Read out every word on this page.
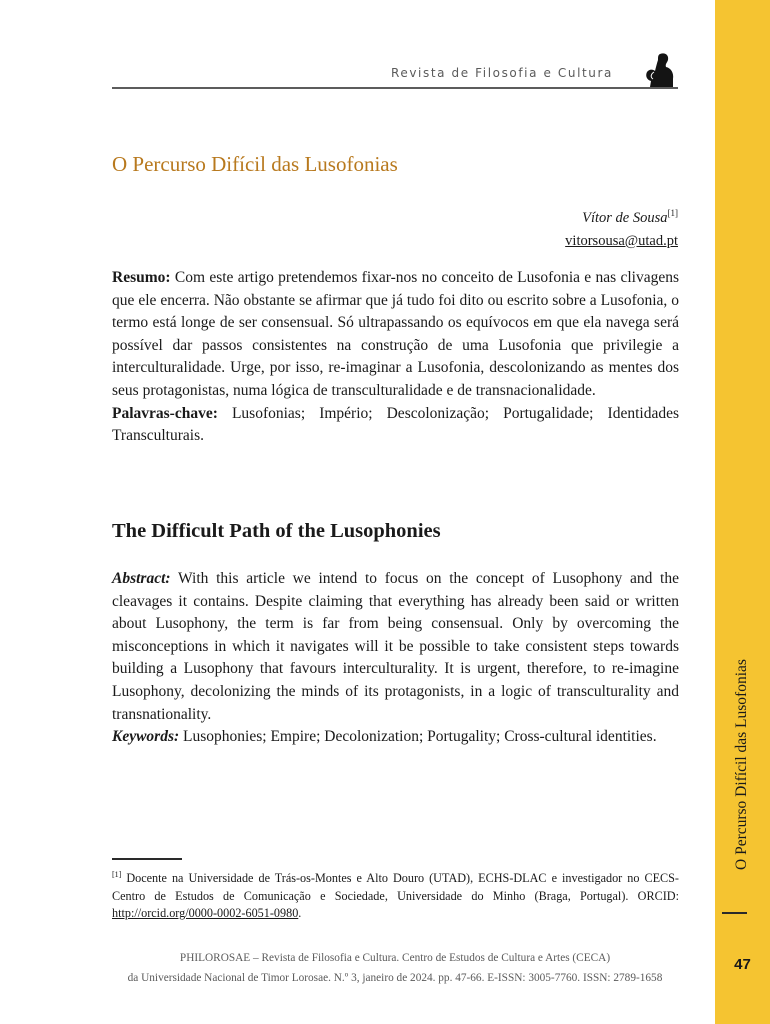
Revista de Filosofia e Cultura
O Percurso Difícil das Lusofonias
Vítor de Sousa[1]
vitorsousa@utad.pt

Resumo: Com este artigo pretendemos fixar-nos no conceito de Lusofonia e nas clivagens que ele encerra. Não obstante se afirmar que já tudo foi dito ou escrito sobre a Lusofonia, o termo está longe de ser consensual. Só ultrapassando os equívocos em que ela navega será possível dar passos consistentes na construção de uma Lusofonia que privilegie a interculturalidade. Urge, por isso, re-imaginar a Lusofonia, descolonizando as mentes dos seus protagonistas, numa lógica de transculturalidade e de transnacionalidade.
Palavras-chave: Lusofonias; Império; Descolonização; Portugalidade; Identidades Transculturais.

The Difficult Path of the Lusophonies

Abstract: With this article we intend to focus on the concept of Lusophony and the cleavages it contains. Despite claiming that everything has already been said or written about Lusophony, the term is far from being consensual. Only by overcoming the misconceptions in which it navigates will it be possible to take consistent steps towards building a Lusophony that favours interculturality. It is urgent, therefore, to re-imagine Lusophony, decolonizing the minds of its protagonists, in a logic of transculturality and transnationality.
Keywords: Lusophonies; Empire; Decolonization; Portugality; Cross-cultural identities.

[1] Docente na Universidade de Trás-os-Montes e Alto Douro (UTAD), ECHS-DLAC e investigador no CECS-Centro de Estudos de Comunicação e Sociedade, Universidade do Minho (Braga, Portugal). ORCID: http://orcid.org/0000-0002-6051-0980.

PHILOROSAE – Revista de Filosofia e Cultura. Centro de Estudos de Cultura e Artes (CECA)
da Universidade Nacional de Timor Lorosae. N.º 3, janeiro de 2024. pp. 47-66. E-ISSN: 3005-7760. ISSN: 2789-1658
O Percurso Difícil das Lusofonias
47
